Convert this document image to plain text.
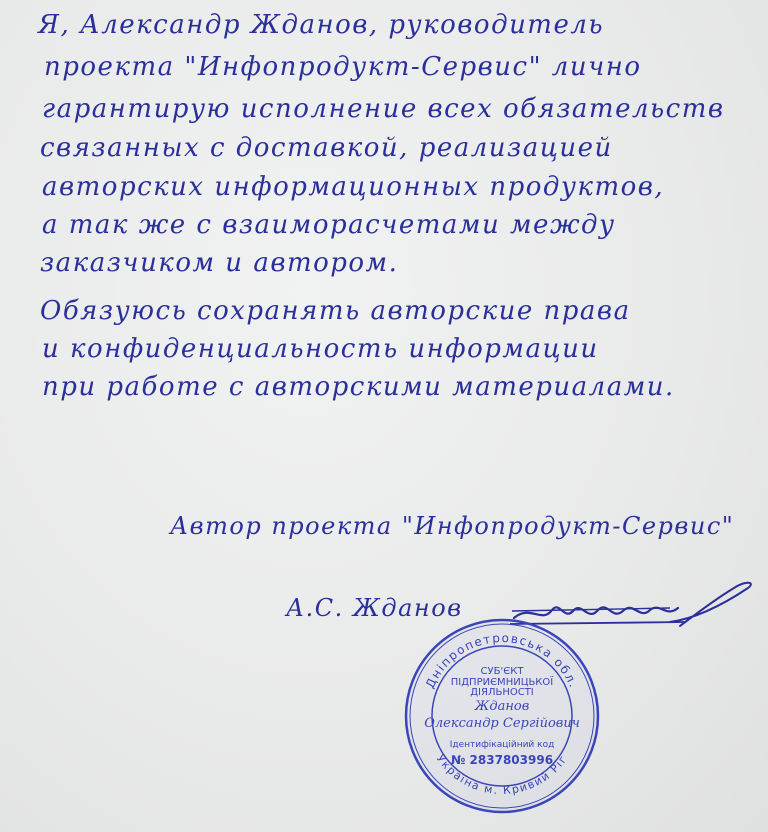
Я, Александр Жданов, руководитель
проекта "Инфопродукт-Сервис" лично
гарантирую исполнение всех обязательств
связанных с доставкой, реализацией
авторских информационных продуктов,
а так же с взаиморасчетами между
заказчиком и автором.
Обязуюсь сохранять авторские права
и конфиденциальность информации
при работе с авторскими материалами.
Автор проекта "Инфопродукт-Сервис"
А.С. Жданов
Дніпропетровська обл.
Україна м. Кривий Ріг
СУБ'ЄКТ
ПІДПРИЄМНИЦЬКОЇ
ДІЯЛЬНОСТІ
Жданов
Олександр Сергійович
Ідентифікаційний код
№ 2837803996
